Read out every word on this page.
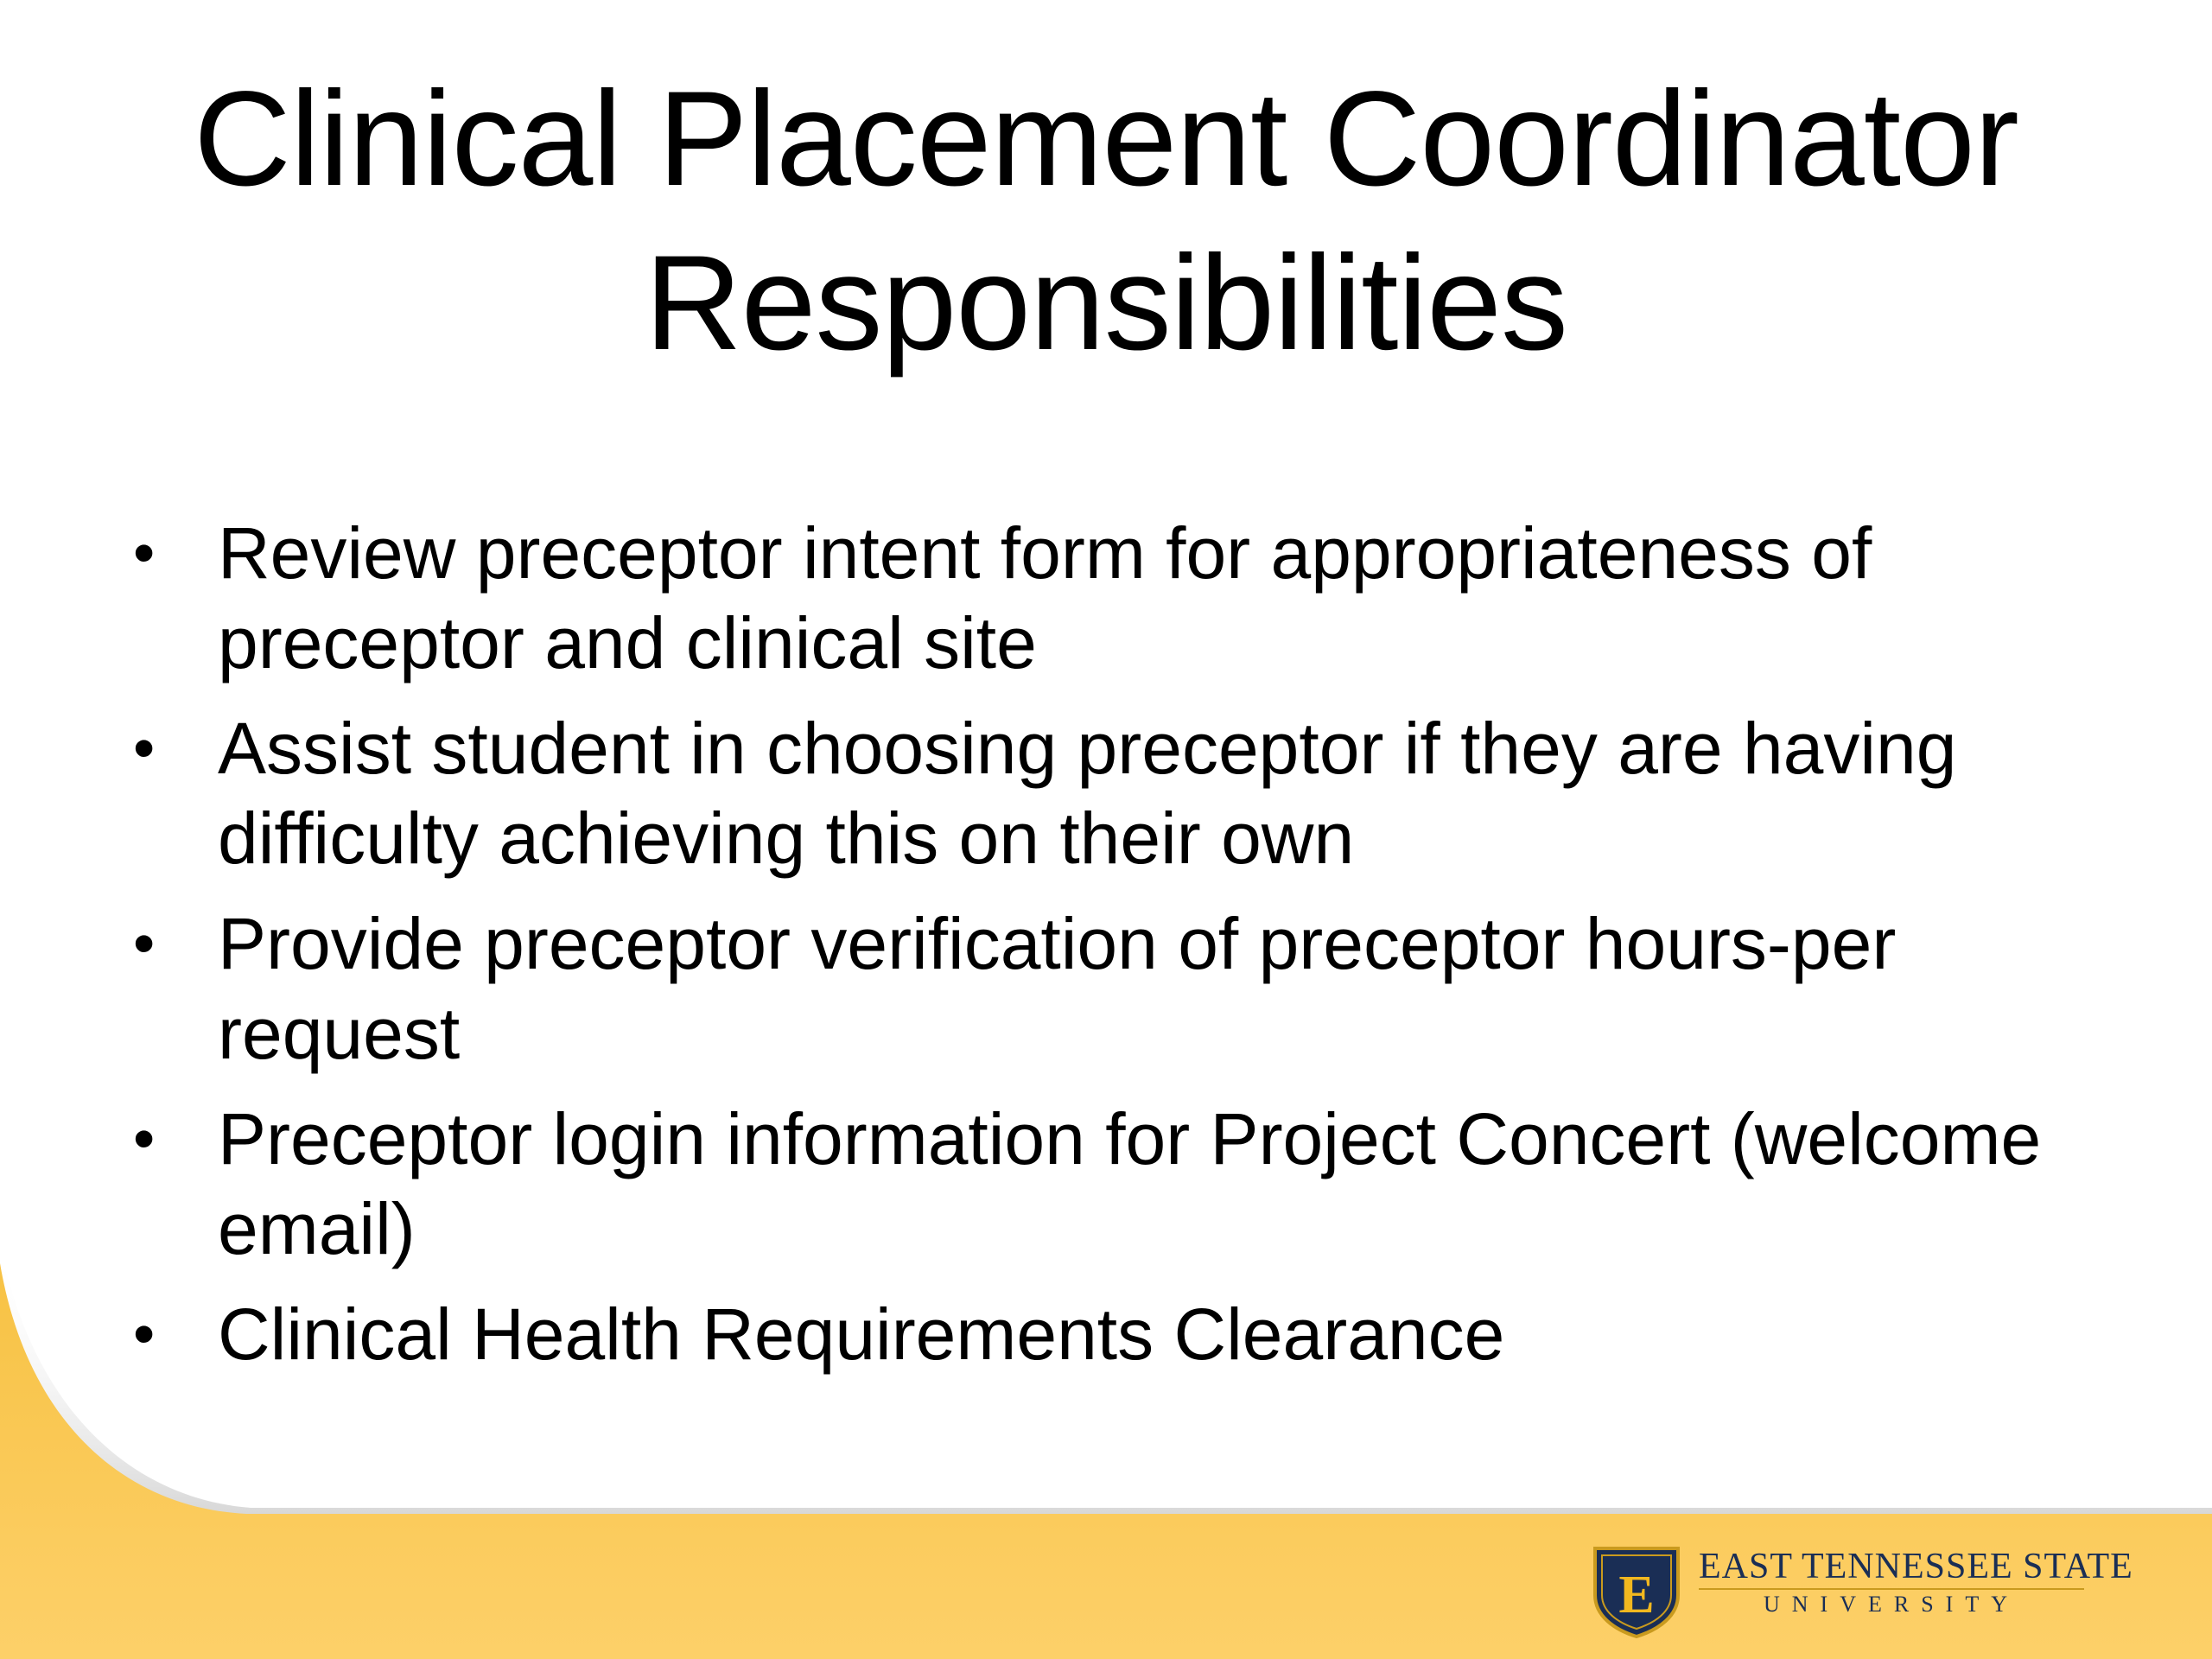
Clinical Placement Coordinator
Responsibilities
• Review preceptor intent form for appropriateness of preceptor and clinical site
• Assist student in choosing preceptor if they are having difficulty achieving this on their own
• Provide preceptor verification of preceptor hours-per request
• Preceptor login information for Project Concert (welcome email)
• Clinical Health Requirements Clearance
E EAST TENNESSEE STATE
UNIVERSITY
